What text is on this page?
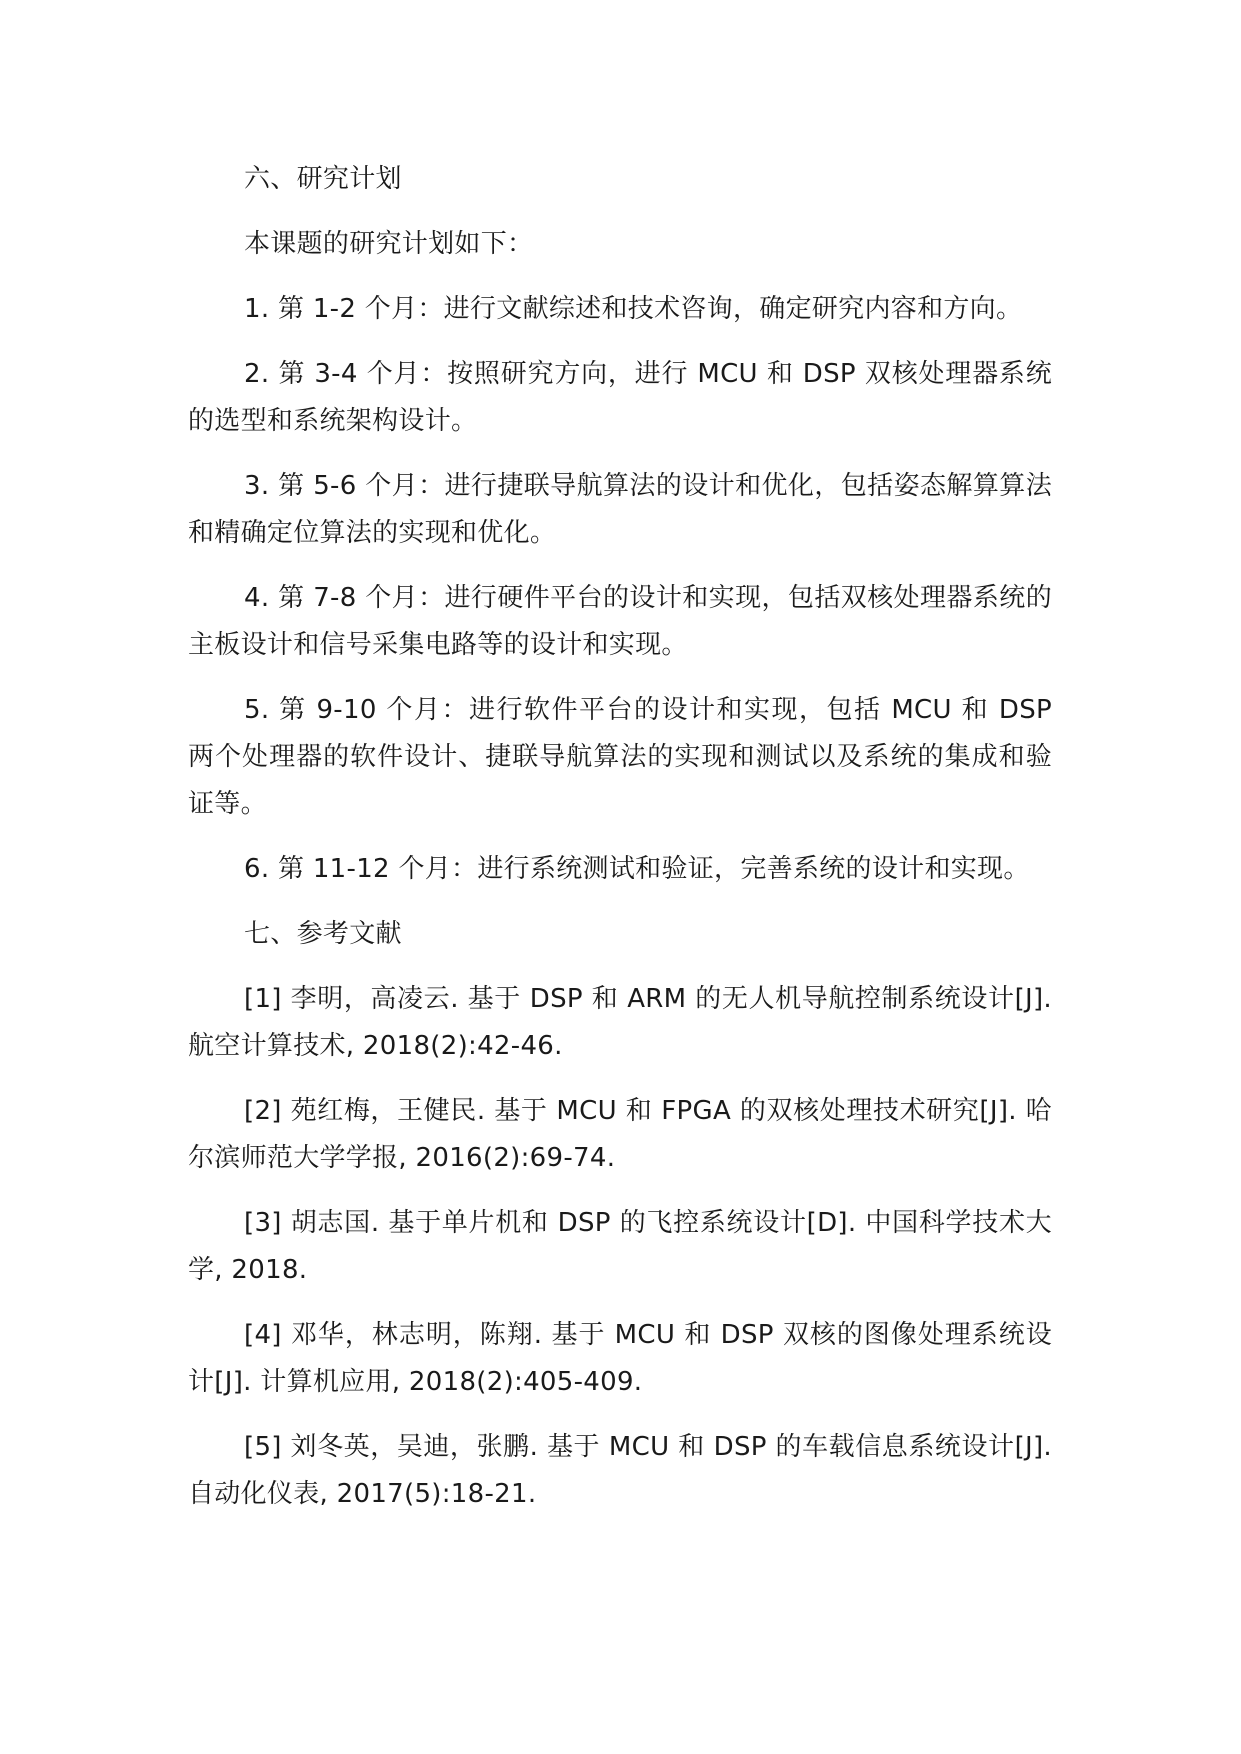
六、研究计划

本课题的研究计划如下：

1. 第 1-2 个月：进行文献综述和技术咨询，确定研究内容和方向。

2. 第 3-4 个月：按照研究方向，进行 MCU 和 DSP 双核处理器系统的选型和系统架构设计。

3. 第 5-6 个月：进行捷联导航算法的设计和优化，包括姿态解算算法和精确定位算法的实现和优化。

4. 第 7-8 个月：进行硬件平台的设计和实现，包括双核处理器系统的主板设计和信号采集电路等的设计和实现。

5. 第 9-10 个月：进行软件平台的设计和实现，包括 MCU 和 DSP 两个处理器的软件设计、捷联导航算法的实现和测试以及系统的集成和验证等。

6. 第 11-12 个月：进行系统测试和验证，完善系统的设计和实现。

七、参考文献

[1] 李明，高凌云. 基于 DSP 和 ARM 的无人机导航控制系统设计[J]. 航空计算技术, 2018(2):42-46.

[2] 苑红梅，王健民. 基于 MCU 和 FPGA 的双核处理技术研究[J]. 哈尔滨师范大学学报, 2016(2):69-74.

[3] 胡志国. 基于单片机和 DSP 的飞控系统设计[D]. 中国科学技术大学, 2018.

[4] 邓华，林志明，陈翔. 基于 MCU 和 DSP 双核的图像处理系统设计[J]. 计算机应用, 2018(2):405-409.

[5] 刘冬英，吴迪，张鹏. 基于 MCU 和 DSP 的车载信息系统设计[J]. 自动化仪表, 2017(5):18-21.
